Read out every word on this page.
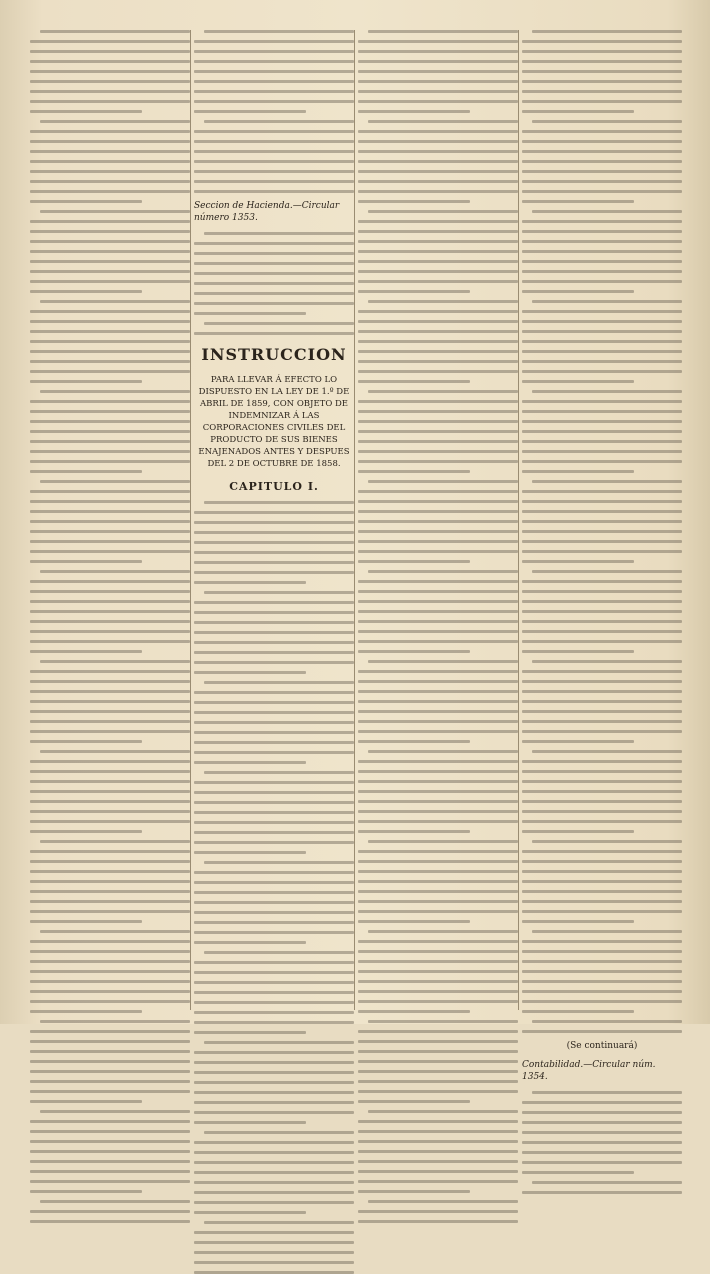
Seccion de Hacienda.—Circular número 1353.
INSTRUCCION
PARA LLEVAR Á EFECTO LO DISPUESTO EN LA LEY DE 1.º DE ABRIL DE 1859, CON OBJETO DE INDEMNIZAR Á LAS CORPORACIONES CIVILES DEL PRODUCTO DE SUS BIENES ENAJENADOS ANTES Y DESPUES DEL 2 DE OCTUBRE DE 1858.
CAPITULO I.
(Se continuará)
Contabilidad.—Circular núm. 1354.
